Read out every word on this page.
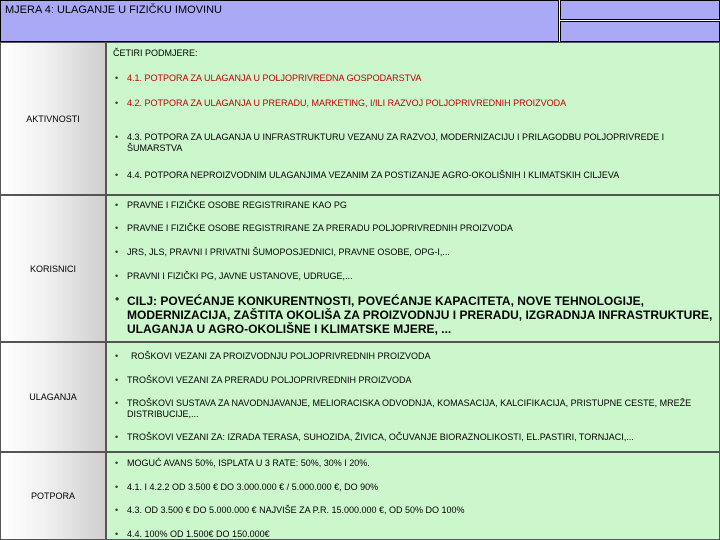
MJERA 4: ULAGANJE U FIZIČKU IMOVINU
AKTIVNOSTI
ČETIRI PODMJERE:
• 4.1. POTPORA ZA ULAGANJA U POLJOPRIVREDNA GOSPODARSTVA
• 4.2. POTPORA ZA ULAGANJA U PRERADU, MARKETING, I/ILI RAZVOJ POLJOPRIVREDNIH PROIZVODA
• 4.3. POTPORA ZA ULAGANJA U INFRASTRUKTURU VEZANU ZA RAZVOJ, MODERNIZACIJU I PRILAGODBU POLJOPRIVREDE I ŠUMARSTVA
• 4.4. POTPORA NEPROIZVODNIM ULAGANJIMA VEZANIM ZA POSTIZANJE AGRO-OKOLIŠNIH I KLIMATSKIH CILJEVA
KORISNICI
• PRAVNE I FIZIČKE OSOBE REGISTRIRANE KAO PG
• PRAVNE I FIZIČKE OSOBE REGISTRIRANE ZA PRERADU POLJOPRIVREDNIH PROIZVODA
• JRS, JLS, PRAVNI I PRIVATNI ŠUMOPOSJEDNICI, PRAVNE OSOBE, OPG-I,...
• PRAVNI I FIZIČKI PG, JAVNE USTANOVE, UDRUGE,...
• CILJ: POVEĆANJE KONKURENTNOSTI, POVEĆANJE KAPACITETA, NOVE TEHNOLOGIJE, MODERNIZACIJA, ZAŠTITA OKOLIŠA ZA PROIZVODNJU I PRERADU, IZGRADNJA INFRASTRUKTURE, ULAGANJA U AGRO-OKOLIŠNE I KLIMATSKE MJERE, ...
ULAGANJA
• ROŠKOVI VEZANI ZA PROIZVODNJU POLJOPRIVREDNIH PROIZVODA
• TROŠKOVI VEZANI ZA PRERADU POLJOPRIVREDNIH PROIZVODA
• TROŠKOVI SUSTAVA ZA NAVODNJAVANJE, MELIORACISKA ODVODNJA, KOMASACIJA, KALCIFIKACIJA, PRISTUPNE CESTE, MREŽE DISTRIBUCIJE,...
• TROŠKOVI VEZANI ZA: IZRADA TERASA, SUHOZIDA, ŽIVICA, OČUVANJE BIORAZNOLIKOSTI, EL.PASTIRI, TORNJACI,...
POTPORA
• MOGUĆ AVANS 50%, ISPLATA U 3 RATE: 50%, 30% I 20%.
• 4.1. I 4.2.2 OD 3.500 € DO 3.000.000 € / 5.000.000 €, DO 90%
• 4.3. OD 3.500 € DO 5.000.000 € NAJVIŠE ZA P.R. 15.000.000 €, OD 50% DO 100%
• 4.4. 100% OD 1.500€ DO 150.000€
